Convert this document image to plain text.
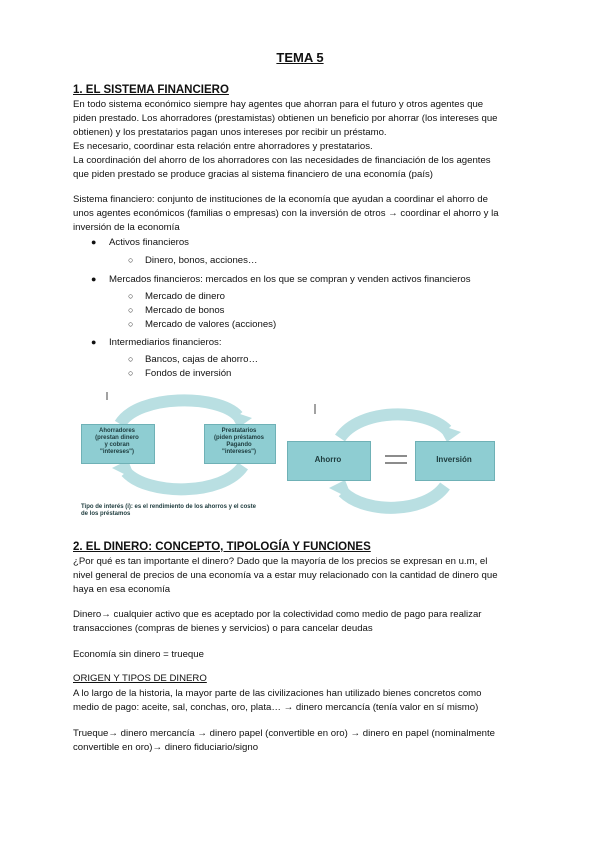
TEMA 5
1. EL SISTEMA FINANCIERO
En todo sistema económico siempre hay agentes que ahorran para el futuro y otros agentes que
piden prestado. Los ahorradores (prestamistas) obtienen un beneficio por ahorrar (los intereses que
obtienen) y los prestatarios pagan unos intereses por recibir un préstamo.
Es necesario, coordinar esta relación entre ahorradores y prestatarios.
La coordinación del ahorro de los ahorradores con las necesidades de financiación de los agentes
que piden prestado se produce gracias al sistema financiero de una economía (país)
Sistema financiero: conjunto de instituciones de la economía que ayudan a coordinar el ahorro de
unos agentes económicos (familias o empresas) con la inversión de otros → coordinar el ahorro y la
inversión de la economía
● Activos financieros
○ Dinero, bonos, acciones…
● Mercados financieros: mercados en los que se compran y venden activos financieros
○ Mercado de dinero
○ Mercado de bonos
○ Mercado de valores (acciones)
● Intermediarios financieros:
○ Bancos, cajas de ahorro…
○ Fondos de inversión
Ahorradores
(prestan dinero
y cobran
"intereses")
Prestatarios
(piden préstamos
Pagando
"intereses")
Tipo de interés (i): es el rendimiento de los ahorros y el coste
de los préstamos
Ahorro	Inversión
2. EL DINERO: CONCEPTO, TIPOLOGÍA Y FUNCIONES
¿Por qué es tan importante el dinero? Dado que la mayoría de los precios se expresan en u.m, el
nivel general de precios de una economía va a estar muy relacionado con la cantidad de dinero que
haya en esa economía
Dinero→ cualquier activo que es aceptado por la colectividad como medio de pago para realizar
transacciones (compras de bienes y servicios) o para cancelar deudas
Economía sin dinero = trueque
ORIGEN Y TIPOS DE DINERO
A lo largo de la historia, la mayor parte de las civilizaciones han utilizado bienes concretos como
medio de pago: aceite, sal, conchas, oro, plata… → dinero mercancía (tenía valor en sí mismo)
Trueque→ dinero mercancía → dinero papel (convertible en oro) → dinero en papel (nominalmente
convertible en oro)→ dinero fiduciario/signo
